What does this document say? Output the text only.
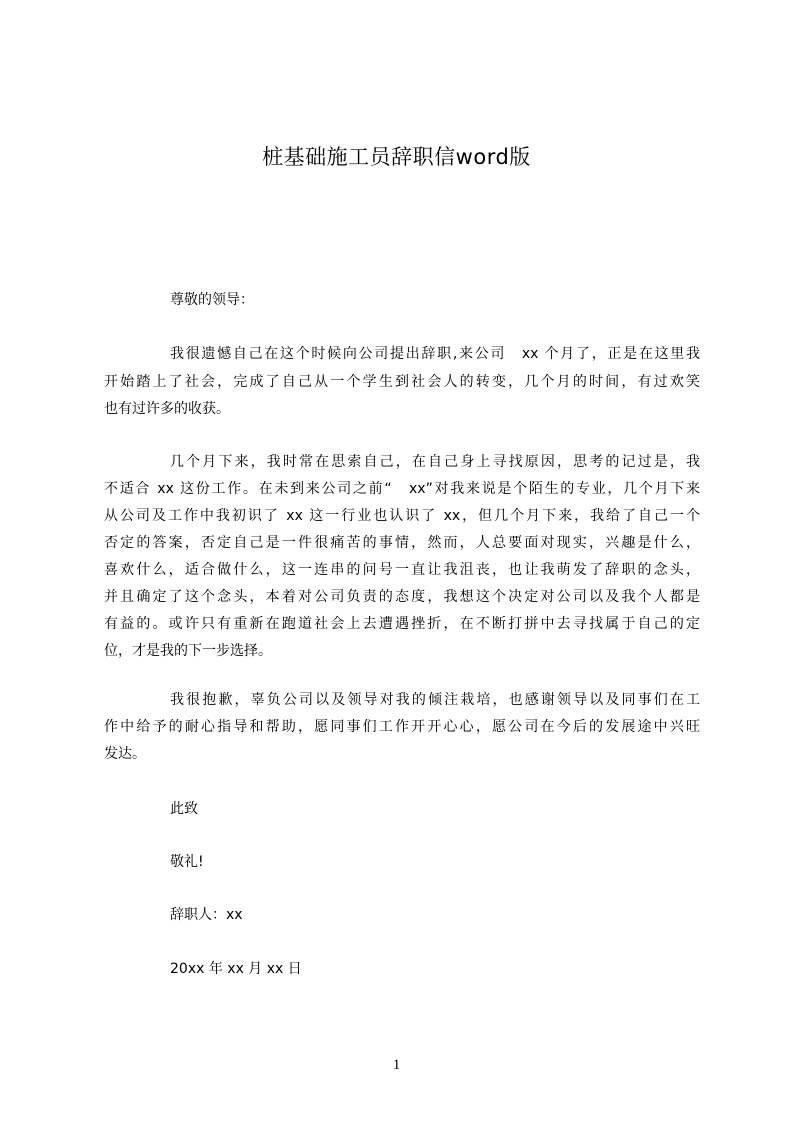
桩基础施工员辞职信word版
尊敬的领导：
我很遗憾自己在这个时候向公司提出辞职,来公司　xx 个月了，正是在这里我
开始踏上了社会，完成了自己从一个学生到社会人的转变，几个月的时间，有过欢笑
也有过许多的收获。
几个月下来，我时常在思索自己，在自己身上寻找原因，思考的记过是，我
不适合 xx 这份工作。在未到来公司之前“　xx”对我来说是个陌生的专业，几个月下来
从公司及工作中我初识了 xx 这一行业也认识了 xx，但几个月下来，我给了自己一个
否定的答案，否定自己是一件很痛苦的事情，然而，人总要面对现实，兴趣是什么，
喜欢什么，适合做什么，这一连串的问号一直让我沮丧，也让我萌发了辞职的念头，
并且确定了这个念头，本着对公司负责的态度，我想这个决定对公司以及我个人都是
有益的。或许只有重新在跑道社会上去遭遇挫折，在不断打拼中去寻找属于自己的定
位，才是我的下一步选择。
我很抱歉，辜负公司以及领导对我的倾注栽培，也感谢领导以及同事们在工
作中给予的耐心指导和帮助，愿同事们工作开开心心，愿公司在今后的发展途中兴旺
发达。
此致
敬礼!
辞职人：xx
20xx 年 xx 月 xx 日
1
